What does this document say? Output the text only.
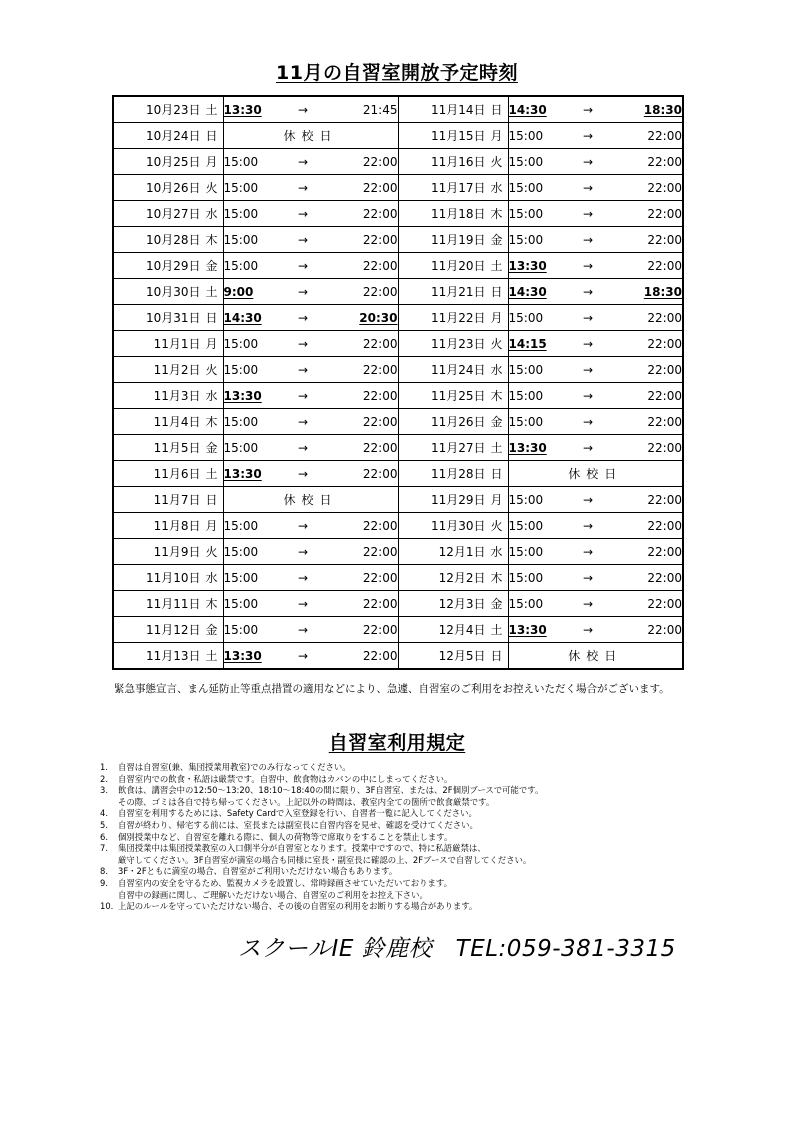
11月の自習室開放予定時刻
10月23日 土	13:30	→	21:45	11月14日 日	14:30	→	18:30
10月24日 日	休校日			11月15日 月	15:00	→	22:00
10月25日 月	15:00	→	22:00	11月16日 火	15:00	→	22:00
10月26日 火	15:00	→	22:00	11月17日 水	15:00	→	22:00
10月27日 水	15:00	→	22:00	11月18日 木	15:00	→	22:00
10月28日 木	15:00	→	22:00	11月19日 金	15:00	→	22:00
10月29日 金	15:00	→	22:00	11月20日 土	13:30	→	22:00
10月30日 土	9:00	→	22:00	11月21日 日	14:30	→	18:30
10月31日 日	14:30	→	20:30	11月22日 月	15:00	→	22:00
11月1日 月	15:00	→	22:00	11月23日 火	14:15	→	22:00
11月2日 火	15:00	→	22:00	11月24日 水	15:00	→	22:00
11月3日 水	13:30	→	22:00	11月25日 木	15:00	→	22:00
11月4日 木	15:00	→	22:00	11月26日 金	15:00	→	22:00
11月5日 金	15:00	→	22:00	11月27日 土	13:30	→	22:00
11月6日 土	13:30	→	22:00	11月28日 日	休校日		
11月7日 日	休校日			11月29日 月	15:00	→	22:00
11月8日 月	15:00	→	22:00	11月30日 火	15:00	→	22:00
11月9日 火	15:00	→	22:00	12月1日 水	15:00	→	22:00
11月10日 水	15:00	→	22:00	12月2日 木	15:00	→	22:00
11月11日 木	15:00	→	22:00	12月3日 金	15:00	→	22:00
11月12日 金	15:00	→	22:00	12月4日 土	13:30	→	22:00
11月13日 土	13:30	→	22:00	12月5日 日	休校日		
緊急事態宣言、まん延防止等重点措置の適用などにより、急遽、自習室のご利用をお控えいただく場合がございます。
自習室利用規定
1. 自習は自習室(兼、集団授業用教室)でのみ行なってください。
2. 自習室内での飲食・私語は厳禁です。自習中、飲食物はカバンの中にしまってください。
3. 飲食は、講習会中の12:50～13:20、18:10～18:40の間に限り、3F自習室、または、2F個別ブースで可能です。
その際、ゴミは各自で持ち帰ってください。上記以外の時間は、教室内全ての箇所で飲食厳禁です。
4. 自習室を利用するためには、Safety Cardで入室登録を行い、自習者一覧に記入してください。
5. 自習が終わり、帰宅する前には、室長または副室長に自習内容を見せ、確認を受けてください。
6. 個別授業中など、自習室を離れる際に、個人の荷物等で席取りをすることを禁止します。
7. 集団授業中は集団授業教室の入口側半分が自習室となります。授業中ですので、特に私語厳禁は、
厳守してください。3F自習室が満室の場合も同様に室長・副室長に確認の上、2Fブースで自習してください。
8. 3F・2Fともに満室の場合、自習室がご利用いただけない場合もあります。
9. 自習室内の安全を守るため、監視カメラを設置し、常時録画させていただいております。
自習中の録画に関し、ご理解いただけない場合、自習室のご利用をお控え下さい。
10. 上記のルールを守っていただけない場合、その後の自習室の利用をお断りする場合があります。
スクールIE 鈴鹿校　TEL:059-381-3315
